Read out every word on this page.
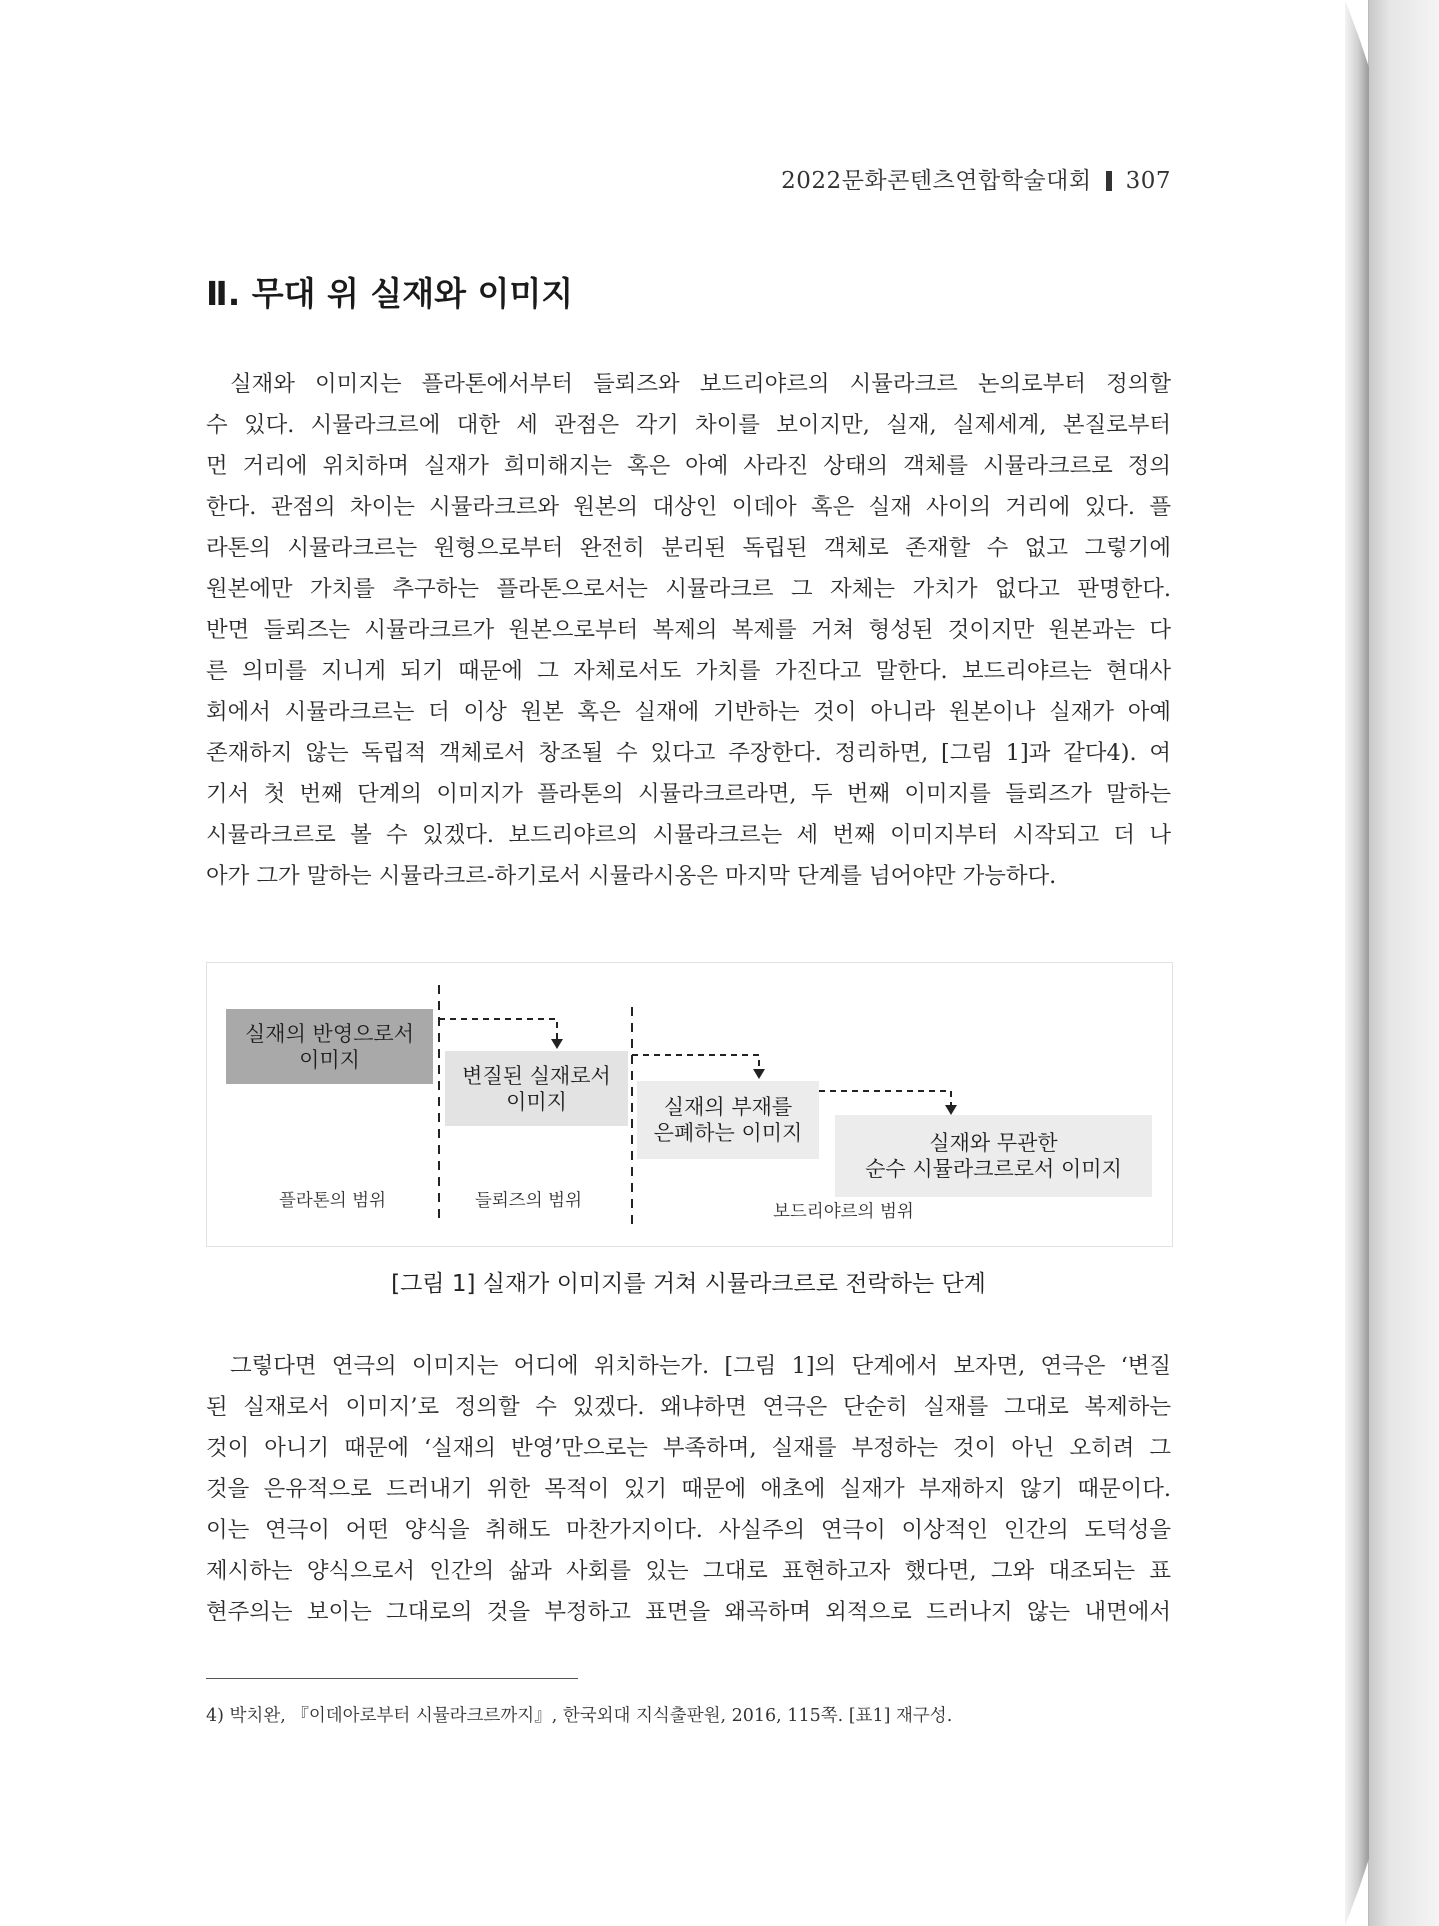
2022문화콘텐츠연합학술대회 307
Ⅱ. 무대 위 실재와 이미지

실재와 이미지는 플라톤에서부터 들뢰즈와 보드리야르의 시뮬라크르 논의로부터 정의할
수 있다. 시뮬라크르에 대한 세 관점은 각기 차이를 보이지만, 실재, 실제세계, 본질로부터
먼 거리에 위치하며 실재가 희미해지는 혹은 아예 사라진 상태의 객체를 시뮬라크르로 정의
한다. 관점의 차이는 시뮬라크르와 원본의 대상인 이데아 혹은 실재 사이의 거리에 있다. 플
라톤의 시뮬라크르는 원형으로부터 완전히 분리된 독립된 객체로 존재할 수 없고 그렇기에
원본에만 가치를 추구하는 플라톤으로서는 시뮬라크르 그 자체는 가치가 없다고 판명한다.
반면 들뢰즈는 시뮬라크르가 원본으로부터 복제의 복제를 거쳐 형성된 것이지만 원본과는 다
른 의미를 지니게 되기 때문에 그 자체로서도 가치를 가진다고 말한다. 보드리야르는 현대사
회에서 시뮬라크르는 더 이상 원본 혹은 실재에 기반하는 것이 아니라 원본이나 실재가 아예
존재하지 않는 독립적 객체로서 창조될 수 있다고 주장한다. 정리하면, [그림 1]과 같다4). 여
기서 첫 번째 단계의 이미지가 플라톤의 시뮬라크르라면, 두 번째 이미지를 들뢰즈가 말하는
시뮬라크르로 볼 수 있겠다. 보드리야르의 시뮬라크르는 세 번째 이미지부터 시작되고 더 나
아가 그가 말하는 시뮬라크르-하기로서 시뮬라시옹은 마지막 단계를 넘어야만 가능하다.

실재의 반영으로서
이미지
변질된 실재로서
이미지	실재의 부재를
은폐하는 이미지	실재와 무관한
순수 시뮬라크르로서 이미지
플라톤의 범위	들뢰즈의 범위
보드리야르의 범위
[그림 1] 실재가 이미지를 거쳐 시뮬라크르로 전락하는 단계

그렇다면 연극의 이미지는 어디에 위치하는가. [그림 1]의 단계에서 보자면, 연극은 ‘변질
된 실재로서 이미지’로 정의할 수 있겠다. 왜냐하면 연극은 단순히 실재를 그대로 복제하는
것이 아니기 때문에 ‘실재의 반영’만으로는 부족하며, 실재를 부정하는 것이 아닌 오히려 그
것을 은유적으로 드러내기 위한 목적이 있기 때문에 애초에 실재가 부재하지 않기 때문이다.
이는 연극이 어떤 양식을 취해도 마찬가지이다. 사실주의 연극이 이상적인 인간의 도덕성을
제시하는 양식으로서 인간의 삶과 사회를 있는 그대로 표현하고자 했다면, 그와 대조되는 표
현주의는 보이는 그대로의 것을 부정하고 표면을 왜곡하며 외적으로 드러나지 않는 내면에서

4) 박치완, 『이데아로부터 시뮬라크르까지』, 한국외대 지식출판원, 2016, 115쪽. [표1] 재구성.
